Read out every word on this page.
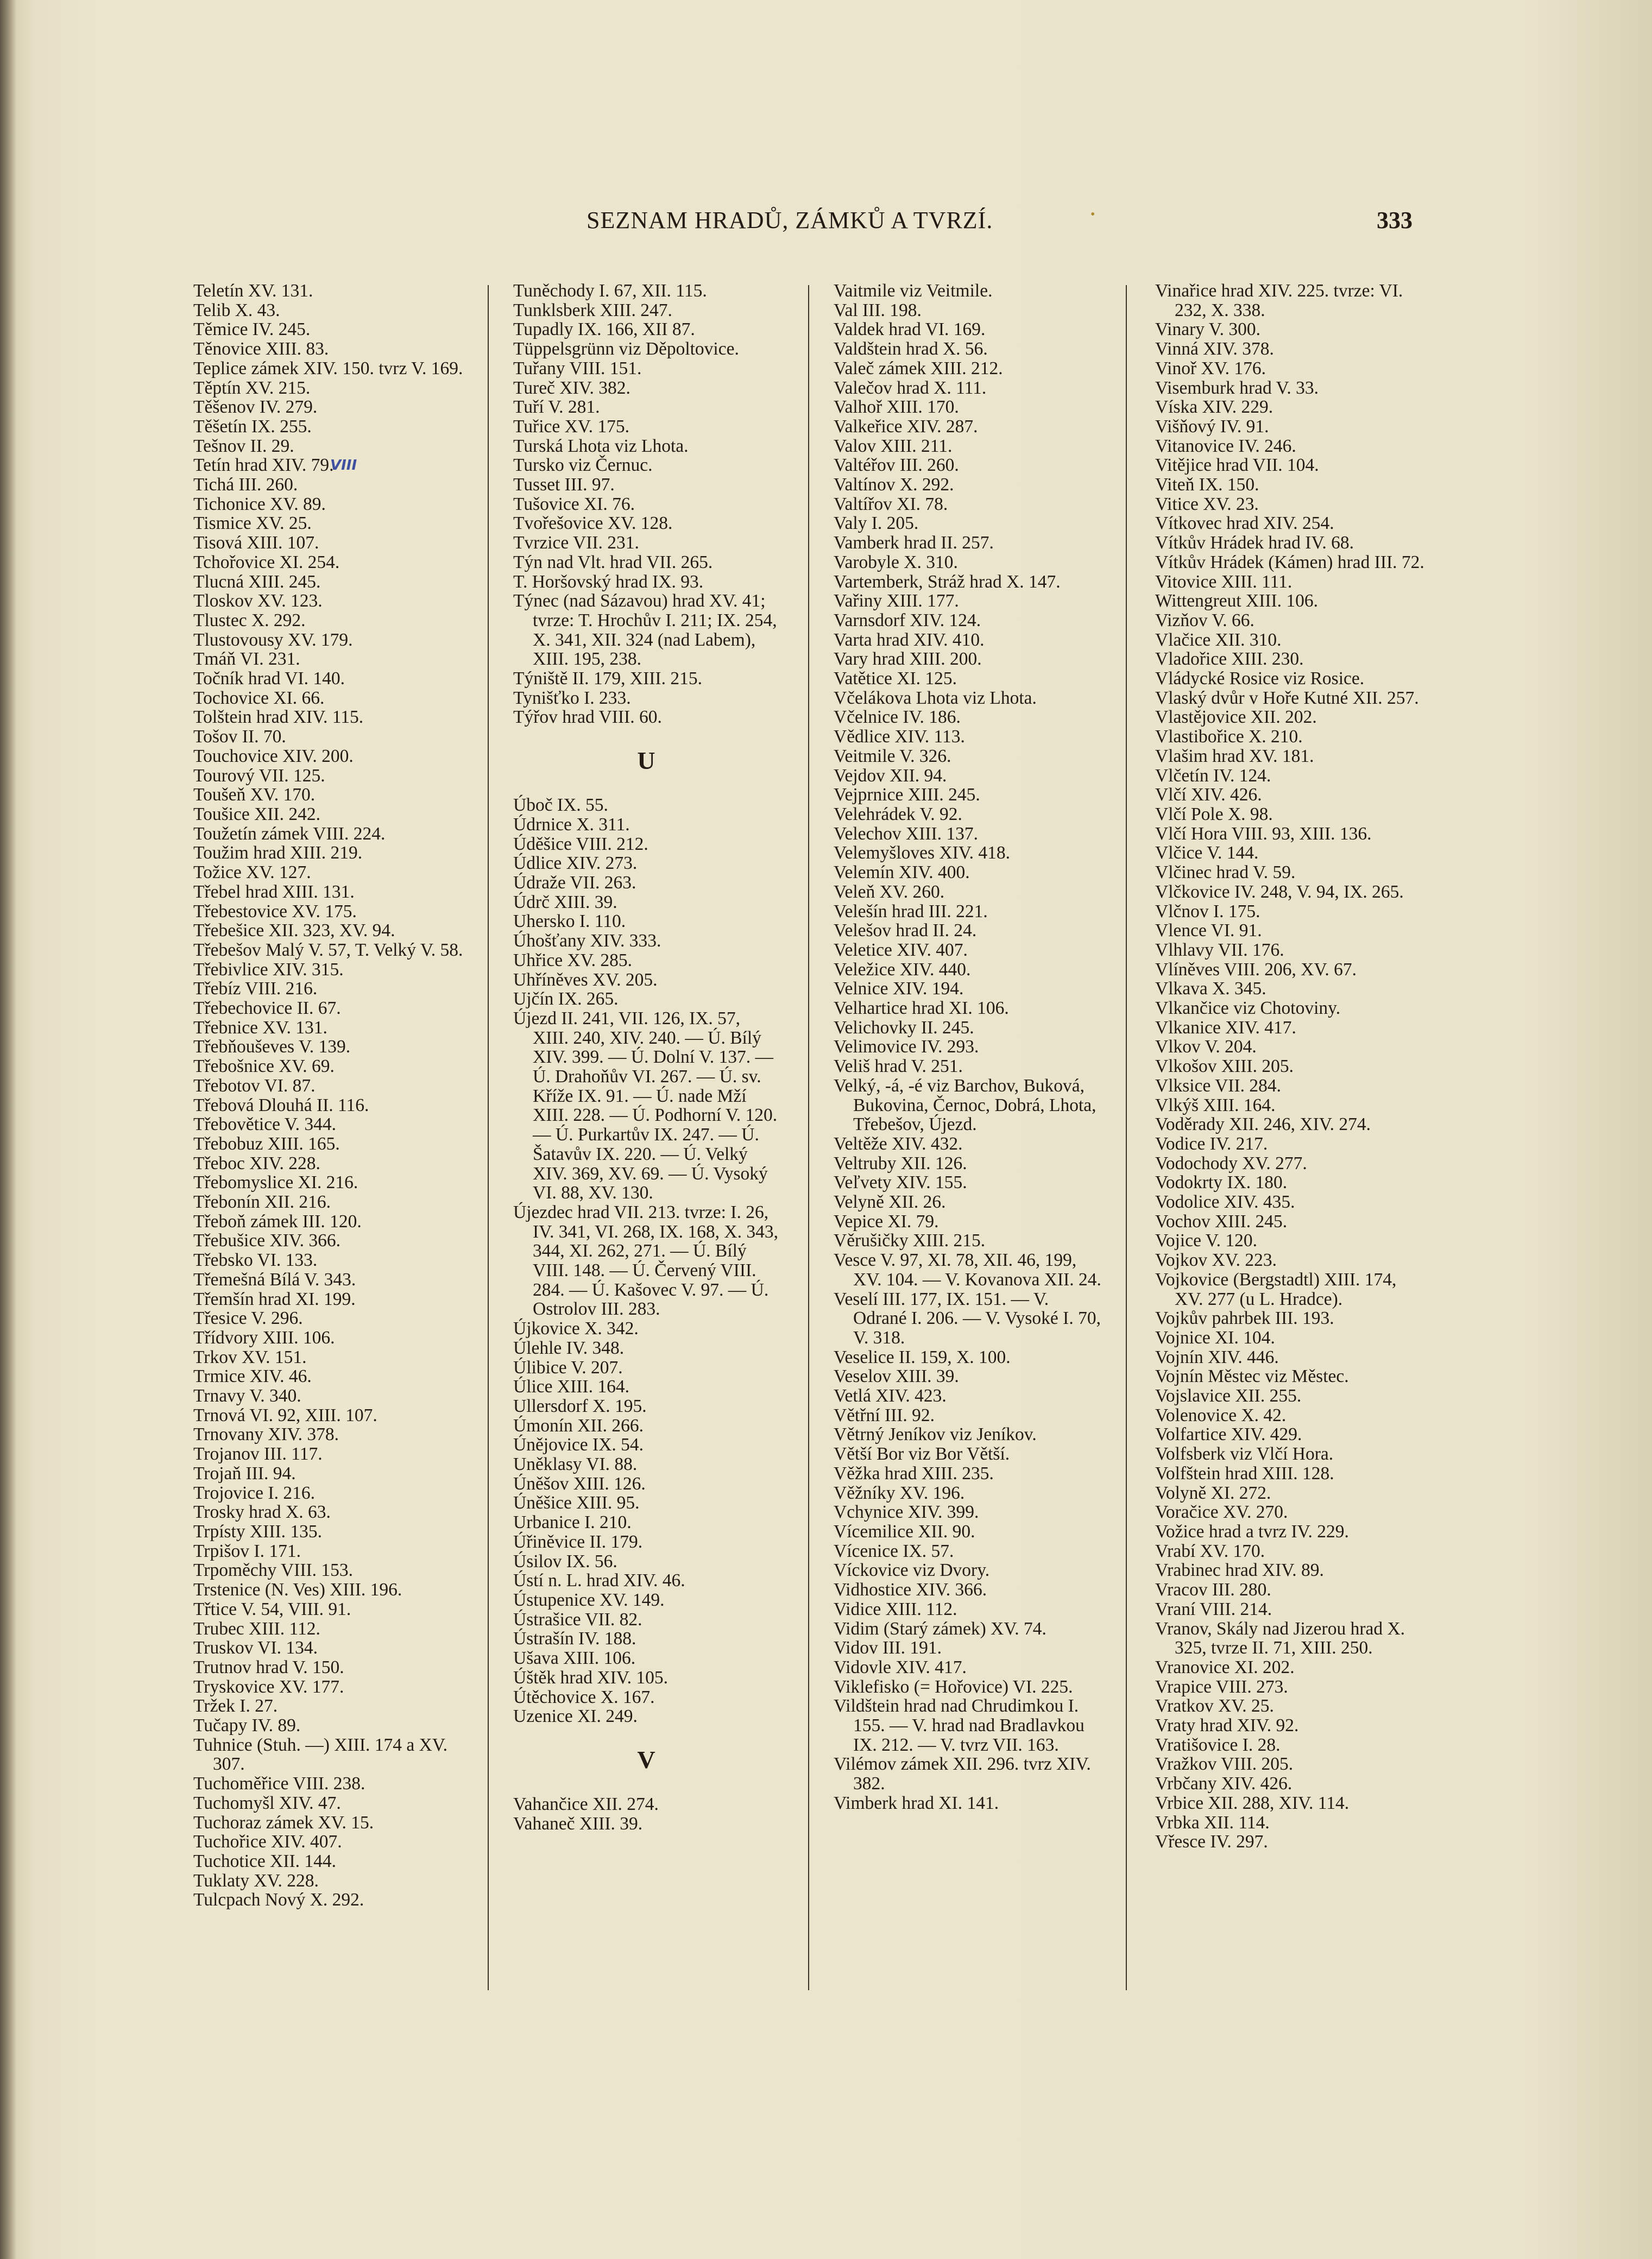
SEZNAM HRADŮ, ZÁMKŮ A TVRZÍ.	•	333
Teletín XV. 131.
Telib X. 43.
Těmice IV. 245.
Těnovice XIII. 83.
Teplice zámek XIV. 150. tvrz V. 169.
Těptín XV. 215.
Těšenov IV. 279.
Těšetín IX. 255.
Tešnov II. 29.
Tetín hrad XIV. 79.
Tichá III. 260.
Tichonice XV. 89.
Tismice XV. 25.
Tisová XIII. 107.
Tchořovice XI. 254.
Tlucná XIII. 245.
Tloskov XV. 123.
Tlustec X. 292.
Tlustovousy XV. 179.
Tmáň VI. 231.
Točník hrad VI. 140.
Tochovice XI. 66.
Tolštein hrad XIV. 115.
Tošov II. 70.
Touchovice XIV. 200.
Tourový VII. 125.
Toušeň XV. 170.
Toušice XII. 242.
Toužetín zámek VIII. 224.
Toužim hrad XIII. 219.
Tožice XV. 127.
Třebel hrad XIII. 131.
Třebestovice XV. 175.
Třebešice XII. 323, XV. 94.
Třebešov Malý V. 57, T. Velký V. 58.
Třebivlice XIV. 315.
Třebíz VIII. 216.
Třebechovice II. 67.
Třebnice XV. 131.
Třebňouševes V. 139.
Třebošnice XV. 69.
Třebotov VI. 87.
Třebová Dlouhá II. 116.
Třebovětice V. 344.
Třebobuz XIII. 165.
Třeboc XIV. 228.
Třebomyslice XI. 216.
Třebonín XII. 216.
Třeboň zámek III. 120.
Třebušice XIV. 366.
Třebsko VI. 133.
Třemešná Bílá V. 343.
Třemšín hrad XI. 199.
Třesice V. 296.
Třídvory XIII. 106.
Trkov XV. 151.
Trmice XIV. 46.
Trnavy V. 340.
Trnová VI. 92, XIII. 107.
Trnovany XIV. 378.
Trojanov III. 117.
Trojaň III. 94.
Trojovice I. 216.
Trosky hrad X. 63.
Trpísty XIII. 135.
Trpišov I. 171.
Trpoměchy VIII. 153.
Trstenice (N. Ves) XIII. 196.
Třtice V. 54, VIII. 91.
Trubec XIII. 112.
Truskov VI. 134.
Trutnov hrad V. 150.
Tryskovice XV. 177.
Tržek I. 27.
Tučapy IV. 89.
Tuhnice (Stuh. —) XIII. 174 a XV. 307.
Tuchoměřice VIII. 238.
Tuchomyšl XIV. 47.
Tuchoraz zámek XV. 15.
Tuchořice XIV. 407.
Tuchotice XII. 144.
Tuklaty XV. 228.
Tulcpach Nový X. 292.
Tuněchody I. 67, XII. 115.
Tunklsberk XIII. 247.
Tupadly IX. 166, XII 87.
Tüppelsgrünn viz Děpoltovice.
Tuřany VIII. 151.
Tureč XIV. 382.
Tuří V. 281.
Tuřice XV. 175.
Turská Lhota viz Lhota.
Tursko viz Černuc.
Tusset III. 97.
Tušovice XI. 76.
Tvořešovice XV. 128.
Tvrzice VII. 231.
Týn nad Vlt. hrad VII. 265.
T. Horšovský hrad IX. 93.
Týnec (nad Sázavou) hrad XV. 41; tvrze: T. Hrochův I. 211; IX. 254, X. 341, XII. 324 (nad Labem), XIII. 195, 238.
Týniště II. 179, XIII. 215.
Tynišťko I. 233.
Týřov hrad VIII. 60.
U
Úboč IX. 55.
Údrnice X. 311.
Úděšice VIII. 212.
Údlice XIV. 273.
Údraže VII. 263.
Údrč XIII. 39.
Uhersko I. 110.
Úhošťany XIV. 333.
Uhřice XV. 285.
Uhříněves XV. 205.
Ujčín IX. 265.
Újezd II. 241, VII. 126, IX. 57, XIII. 240, XIV. 240. — Ú. Bílý XIV. 399. — Ú. Dolní V. 137. — Ú. Drahoňův VI. 267. — Ú. sv. Kříže IX. 91. — Ú. nade Mží XIII. 228. — Ú. Podhorní V. 120. — Ú. Purkartův IX. 247. — Ú. Šatavův IX. 220. — Ú. Velký XIV. 369, XV. 69. — Ú. Vysoký VI. 88, XV. 130.
Újezdec hrad VII. 213. tvrze: I. 26, IV. 341, VI. 268, IX. 168, X. 343, 344, XI. 262, 271. — Ú. Bílý VIII. 148. — Ú. Červený VIII. 284. — Ú. Kašovec V. 97. — Ú. Ostrolov III. 283.
Újkovice X. 342.
Úlehle IV. 348.
Úlibice V. 207.
Úlice XIII. 164.
Ullersdorf X. 195.
Úmonín XII. 266.
Únějovice IX. 54.
Uněklasy VI. 88.
Úněšov XIII. 126.
Úněšice XIII. 95.
Urbanice I. 210.
Úřiněvice II. 179.
Úsilov IX. 56.
Ústí n. L. hrad XIV. 46.
Ústupenice XV. 149.
Ústrašice VII. 82.
Ústrašín IV. 188.
Ušava XIII. 106.
Úštěk hrad XIV. 105.
Útěchovice X. 167.
Uzenice XI. 249.
V
Vahančice XII. 274.
Vahaneč XIII. 39.
Vaitmile viz Veitmile.
Val III. 198.
Valdek hrad VI. 169.
Valdštein hrad X. 56.
Valeč zámek XIII. 212.
Valečov hrad X. 111.
Valhoř XIII. 170.
Valkeřice XIV. 287.
Valov XIII. 211.
Valtéřov III. 260.
Valtínov X. 292.
Valtířov XI. 78.
Valy I. 205.
Vamberk hrad II. 257.
Varobyle X. 310.
Vartemberk, Stráž hrad X. 147.
Vařiny XIII. 177.
Varnsdorf XIV. 124.
Varta hrad XIV. 410.
Vary hrad XIII. 200.
Vatětice XI. 125.
Včelákova Lhota viz Lhota.
Včelnice IV. 186.
Vědlice XIV. 113.
Veitmile V. 326.
Vejdov XII. 94.
Vejprnice XIII. 245.
Velehrádek V. 92.
Velechov XIII. 137.
Velemyšloves XIV. 418.
Velemín XIV. 400.
Veleň XV. 260.
Velešín hrad III. 221.
Velešov hrad II. 24.
Veletice XIV. 407.
Veležice XIV. 440.
Velnice XIV. 194.
Velhartice hrad XI. 106.
Velichovky II. 245.
Velimovice IV. 293.
Veliš hrad V. 251.
Velký, -á, -é viz Barchov, Buková, Bukovina, Černoc, Dobrá, Lhota, Třebešov, Újezd.
Veltěže XIV. 432.
Veltruby XII. 126.
Veľvety XIV. 155.
Velyně XII. 26.
Vepice XI. 79.
Věrušičky XIII. 215.
Vesce V. 97, XI. 78, XII. 46, 199, XV. 104. — V. Kovanova XII. 24.
Veselí III. 177, IX. 151. — V. Odrané I. 206. — V. Vysoké I. 70, V. 318.
Veselice II. 159, X. 100.
Veselov XIII. 39.
Vetlá XIV. 423.
Větřní III. 92.
Větrný Jeníkov viz Jeníkov.
Větší Bor viz Bor Větší.
Věžka hrad XIII. 235.
Věžníky XV. 196.
Vchynice XIV. 399.
Vícemilice XII. 90.
Vícenice IX. 57.
Víckovice viz Dvory.
Vidhostice XIV. 366.
Vidice XIII. 112.
Vidim (Starý zámek) XV. 74.
Vidov III. 191.
Vidovle XIV. 417.
Viklefisko (= Hořovice) VI. 225.
Vildštein hrad nad Chrudimkou I. 155. — V. hrad nad Bradlavkou IX. 212. — V. tvrz VII. 163.
Vilémov zámek XII. 296. tvrz XIV. 382.
Vimberk hrad XI. 141.
Vinařice hrad XIV. 225. tvrze: VI. 232, X. 338.
Vinary V. 300.
Vinná XIV. 378.
Vinoř XV. 176.
Visemburk hrad V. 33.
Víska XIV. 229.
Višňový IV. 91.
Vitanovice IV. 246.
Vitějice hrad VII. 104.
Viteň IX. 150.
Vitice XV. 23.
Vítkovec hrad XIV. 254.
Vítkův Hrádek hrad IV. 68.
Vítkův Hrádek (Kámen) hrad III. 72.
Vitovice XIII. 111.
Wittengreut XIII. 106.
Vizňov V. 66.
Vlačice XII. 310.
Vladořice XIII. 230.
Vládycké Rosice viz Rosice.
Vlaský dvůr v Hoře Kutné XII. 257.
Vlastějovice XII. 202.
Vlastibořice X. 210.
Vlašim hrad XV. 181.
Vlčetín IV. 124.
Vlčí XIV. 426.
Vlčí Pole X. 98.
Vlčí Hora VIII. 93, XIII. 136.
Vlčice V. 144.
Vlčinec hrad V. 59.
Vlčkovice IV. 248, V. 94, IX. 265.
Vlčnov I. 175.
Vlence VI. 91.
Vlhlavy VII. 176.
Vlíněves VIII. 206, XV. 67.
Vlkava X. 345.
Vlkančice viz Chotoviny.
Vlkanice XIV. 417.
Vlkov V. 204.
Vlkošov XIII. 205.
Vlksice VII. 284.
Vlkýš XIII. 164.
Voděrady XII. 246, XIV. 274.
Vodice IV. 217.
Vodochody XV. 277.
Vodokrty IX. 180.
Vodolice XIV. 435.
Vochov XIII. 245.
Vojice V. 120.
Vojkov XV. 223.
Vojkovice (Bergstadtl) XIII. 174, XV. 277 (u L. Hradce).
Vojkův pahrbek III. 193.
Vojnice XI. 104.
Vojnín XIV. 446.
Vojnín Městec viz Městec.
Vojslavice XII. 255.
Volenovice X. 42.
Volfartice XIV. 429.
Volfsberk viz Vlčí Hora.
Volfštein hrad XIII. 128.
Volyně XI. 272.
Voračice XV. 270.
Vožice hrad a tvrz IV. 229.
Vrabí XV. 170.
Vrabinec hrad XIV. 89.
Vracov III. 280.
Vraní VIII. 214.
Vranov, Skály nad Jizerou hrad X. 325, tvrze II. 71, XIII. 250.
Vranovice XI. 202.
Vrapice VIII. 273.
Vratkov XV. 25.
Vraty hrad XIV. 92.
Vratišovice I. 28.
Vražkov VIII. 205.
Vrbčany XIV. 426.
Vrbice XII. 288, XIV. 114.
Vrbka XII. 114.
Vřesce IV. 297.
VIII
